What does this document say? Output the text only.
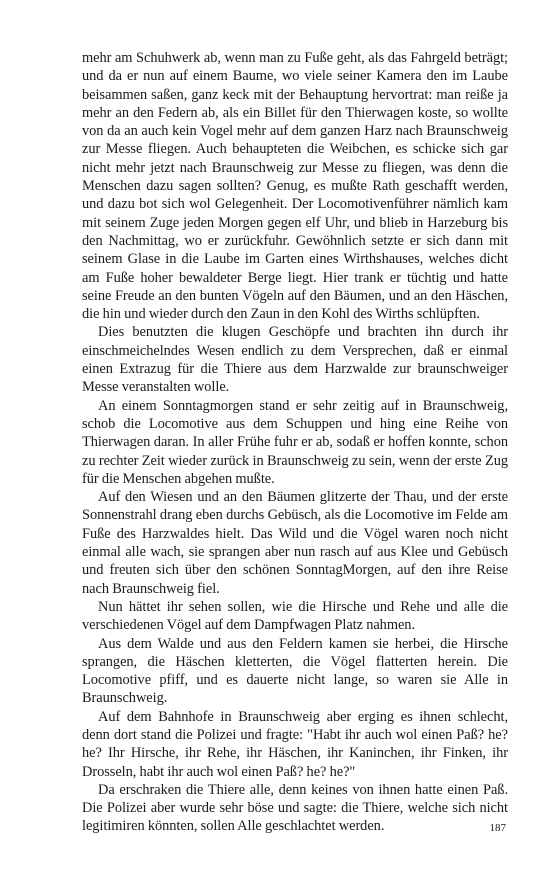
mehr am Schuhwerk ab, wenn man zu Fuße geht, als das Fahrgeld beträgt; und da er nun auf einem Baume, wo viele seiner Kamera den im Laube beisammen saßen, ganz keck mit der Behauptung hervortrat: man reiße ja mehr an den Federn ab, als ein Billet für den Thierwagen koste, so wollte von da an auch kein Vogel mehr auf dem ganzen Harz nach Braunschweig zur Messe fliegen. Auch behaupteten die Weibchen, es schicke sich gar nicht mehr jetzt nach Braunschweig zur Messe zu fliegen, was denn die Menschen dazu sagen sollten? Genug, es mußte Rath geschafft werden, und dazu bot sich wol Gelegenheit. Der Locomotivenführer nämlich kam mit seinem Zuge jeden Morgen gegen elf Uhr, und blieb in Harzeburg bis den Nachmittag, wo er zurückfuhr. Gewöhnlich setzte er sich dann mit seinem Glase in die Laube im Garten eines Wirthshauses, welches dicht am Fuße hoher bewaldeter Berge liegt. Hier trank er tüchtig und hatte seine Freude an den bunten Vögeln auf den Bäumen, und an den Häschen, die hin und wieder durch den Zaun in den Kohl des Wirths schlüpften.

Dies benutzten die klugen Geschöpfe und brachten ihn durch ihr einschmeichelndes Wesen endlich zu dem Versprechen, daß er einmal einen Extrazug für die Thiere aus dem Harzwalde zur braunschweiger Messe veranstalten wolle.

An einem Sonntagmorgen stand er sehr zeitig auf in Braunschweig, schob die Locomotive aus dem Schuppen und hing eine Reihe von Thierwagen daran. In aller Frühe fuhr er ab, sodaß er hoffen konnte, schon zu rechter Zeit wieder zurück in Braunschweig zu sein, wenn der erste Zug für die Menschen abgehen mußte.

Auf den Wiesen und an den Bäumen glitzerte der Thau, und der erste Sonnenstrahl drang eben durchs Gebüsch, als die Locomotive im Felde am Fuße des Harzwaldes hielt. Das Wild und die Vögel waren noch nicht einmal alle wach, sie sprangen aber nun rasch auf aus Klee und Gebüsch und freuten sich über den schönen SonntagMorgen, auf den ihre Reise nach Braunschweig fiel.

Nun hättet ihr sehen sollen, wie die Hirsche und Rehe und alle die verschiedenen Vögel auf dem Dampfwagen Platz nahmen.

Aus dem Walde und aus den Feldern kamen sie herbei, die Hirsche sprangen, die Häschen kletterten, die Vögel flatterten herein. Die Locomotive pfiff, und es dauerte nicht lange, so waren sie Alle in Braunschweig.

Auf dem Bahnhofe in Braunschweig aber erging es ihnen schlecht, denn dort stand die Polizei und fragte: "Habt ihr auch wol einen Paß? he? he? Ihr Hirsche, ihr Rehe, ihr Häschen, ihr Kaninchen, ihr Finken, ihr Drosseln, habt ihr auch wol einen Paß? he? he?"

Da erschraken die Thiere alle, denn keines von ihnen hatte einen Paß. Die Polizei aber wurde sehr böse und sagte: die Thiere, welche sich nicht legitimiren könnten, sollen Alle geschlachtet werden.	187
